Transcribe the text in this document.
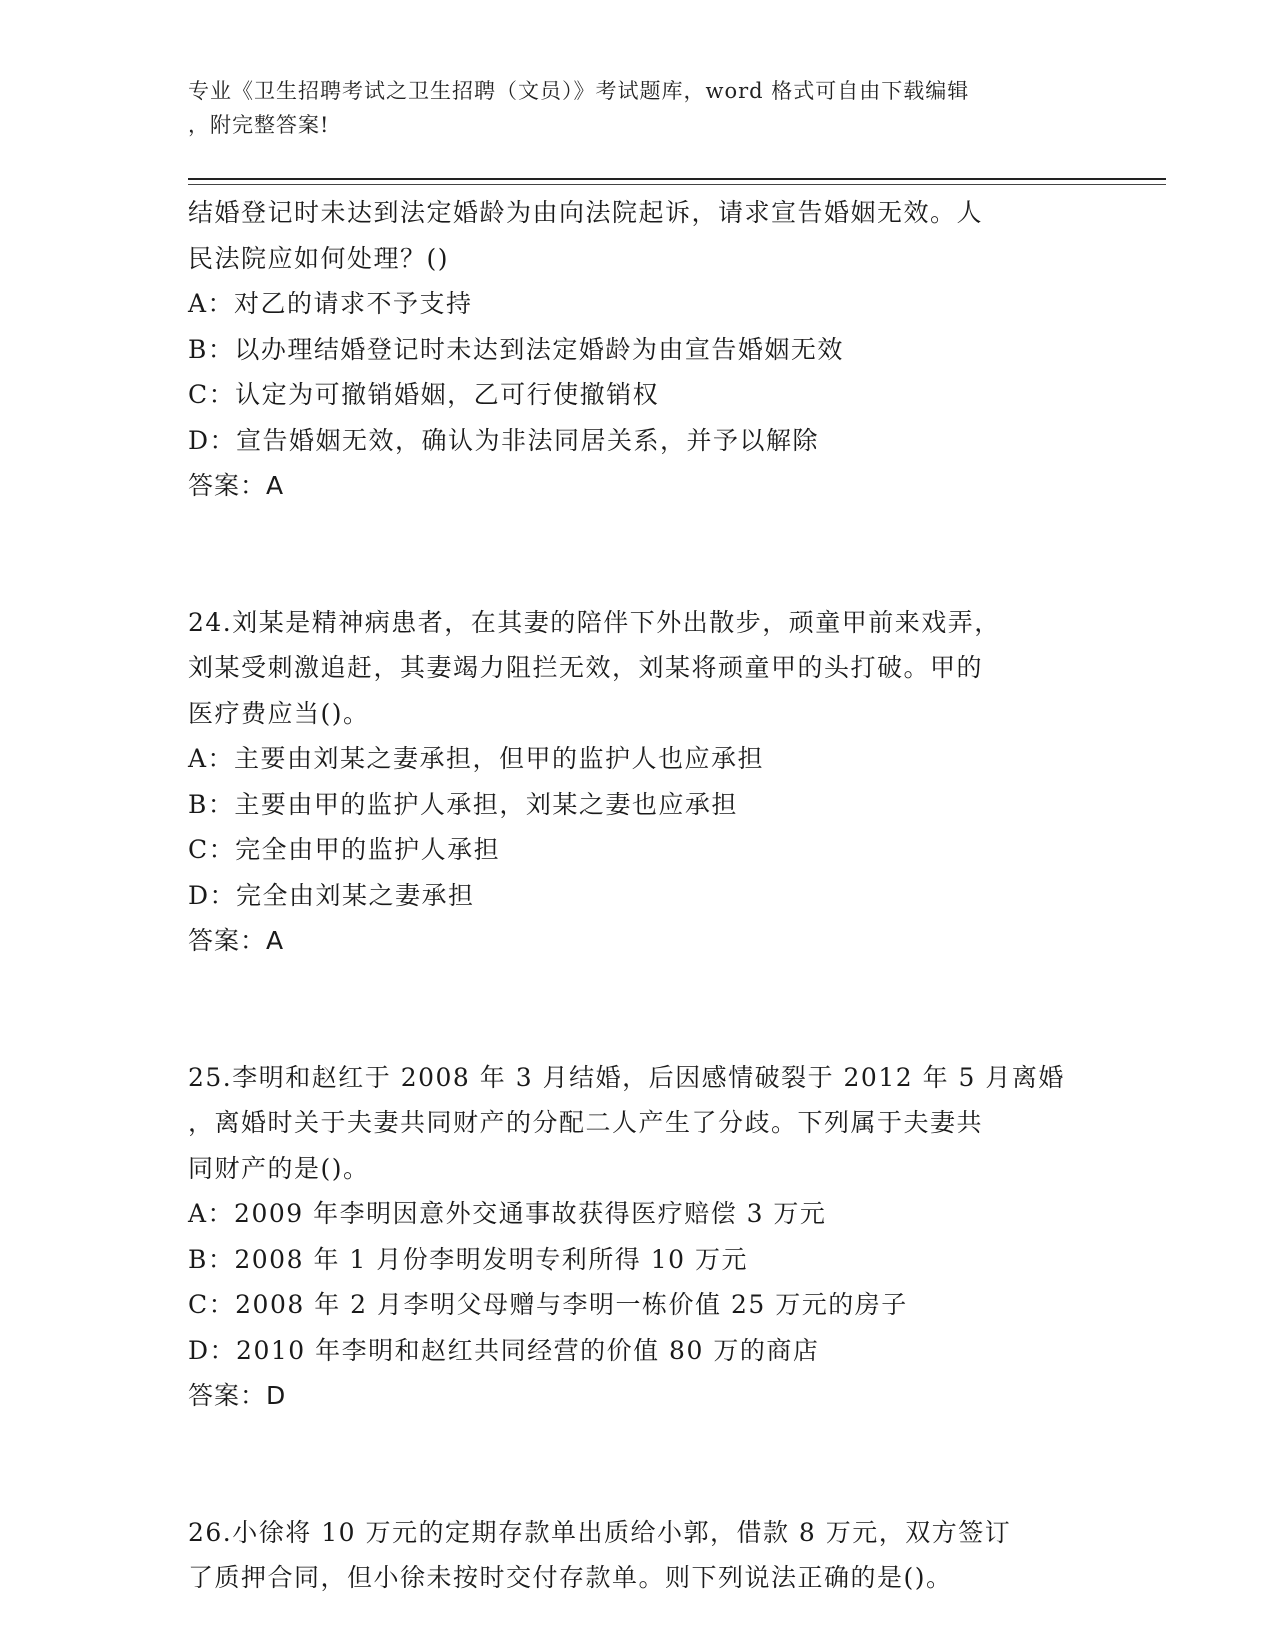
专业《卫生招聘考试之卫生招聘（文员）》考试题库，word 格式可自由下载编辑
，附完整答案!
结婚登记时未达到法定婚龄为由向法院起诉，请求宣告婚姻无效。人
民法院应如何处理？()
A：对乙的请求不予支持
B：以办理结婚登记时未达到法定婚龄为由宣告婚姻无效
C：认定为可撤销婚姻，乙可行使撤销权
D：宣告婚姻无效，确认为非法同居关系，并予以解除
答案：A
24.刘某是精神病患者，在其妻的陪伴下外出散步，顽童甲前来戏弄，
刘某受刺激追赶，其妻竭力阻拦无效，刘某将顽童甲的头打破。甲的
医疗费应当()。
A：主要由刘某之妻承担，但甲的监护人也应承担
B：主要由甲的监护人承担，刘某之妻也应承担
C：完全由甲的监护人承担
D：完全由刘某之妻承担
答案：A
25.李明和赵红于 2008 年 3 月结婚，后因感情破裂于 2012 年 5 月离婚
，离婚时关于夫妻共同财产的分配二人产生了分歧。下列属于夫妻共
同财产的是()。
A：2009 年李明因意外交通事故获得医疗赔偿 3 万元
B：2008 年 1 月份李明发明专利所得 10 万元
C：2008 年 2 月李明父母赠与李明一栋价值 25 万元的房子
D：2010 年李明和赵红共同经营的价值 80 万的商店
答案：D
26.小徐将 10 万元的定期存款单出质给小郭，借款 8 万元，双方签订
了质押合同，但小徐未按时交付存款单。则下列说法正确的是()。
